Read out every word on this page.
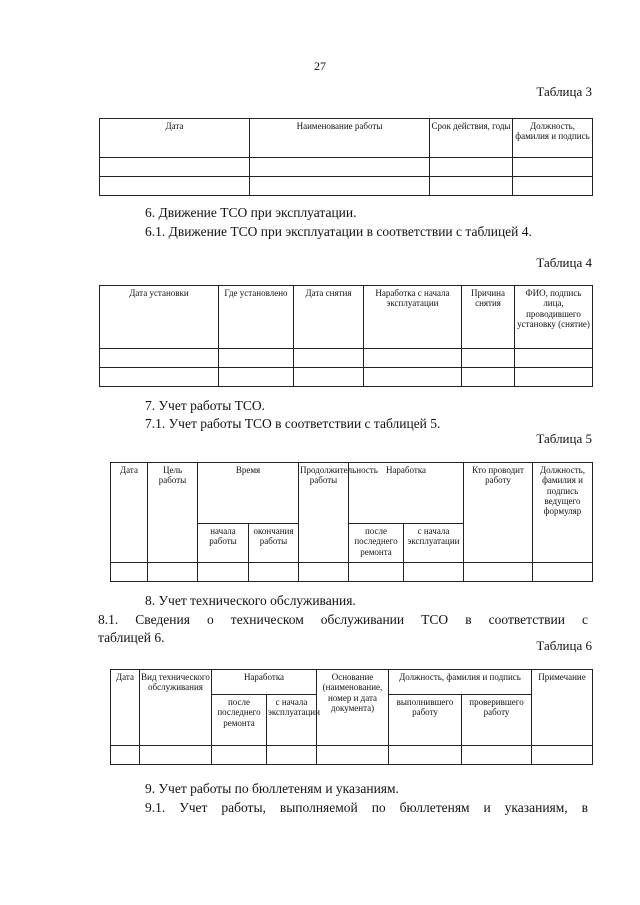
27
Таблица 3
Дата	Наименование работы	Срок действия, годы	Должность, фамилия и подпись

6. Движение ТСО при эксплуатации.
6.1. Движение ТСО при эксплуатации в соответствии с таблицей 4.
Таблица 4
Дата установки	Где установлено	Дата снятия	Наработка с начала эксплуатации	Причина снятия	ФИО, подпись лица, проводившего установку (снятие)

7. Учет работы ТСО.
7.1. Учет работы ТСО в соответствии с таблицей 5.
Таблица 5
Дата	Цель работы	Время		Продолжительность работы	Наработка		Кто проводит работу	Должность, фамилия и подпись ведущего формуляр
		начала работы	окончания работы		после последнего ремонта	с начала эксплуатации		

8. Учет технического обслуживания.
8.1. Сведения о техническом обслуживании ТСО в соответствии с
таблицей 6.
Таблица 6
Дата	Вид технического обслуживания	Наработка		Основание (наименование, номер и дата документа)	Должность, фамилия и подпись		Примечание
		после последнего ремонта	с начала эксплуатации		выполнившего работу	проверившего работу	

9. Учет работы по бюллетеням и указаниям.
9.1. Учет работы, выполняемой по бюллетеням и указаниям, в
